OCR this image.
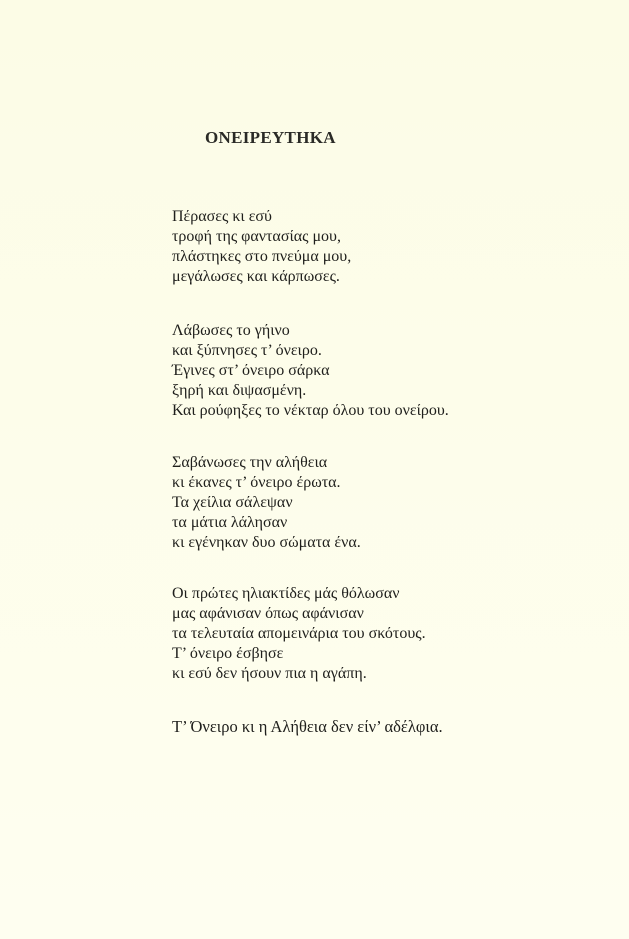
ΟΝΕΙΡΕΥΤΗΚΑ
Πέρασες κι εσύ
τροφή της φαντασίας μου,
πλάστηκες στο πνεύμα μου,
μεγάλωσες και κάρπωσες.
Λάβωσες το γήινο
και ξύπνησες τ’ όνειρο.
Έγινες στ’ όνειρο σάρκα
ξηρή και διψασμένη.
Και ρούφηξες το νέκταρ όλου του ονείρου.
Σαβάνωσες την αλήθεια
κι έκανες τ’ όνειρο έρωτα.
Τα χείλια σάλεψαν
τα μάτια λάλησαν
κι εγένηκαν δυο σώματα ένα.
Οι πρώτες ηλιακτίδες μάς θόλωσαν
μας αφάνισαν όπως αφάνισαν
τα τελευταία απομεινάρια του σκότους.
Τ’ όνειρο έσβησε
κι εσύ δεν ήσουν πια η αγάπη.
Τ’ Όνειρο κι η Αλήθεια δεν είν’ αδέλφια.
